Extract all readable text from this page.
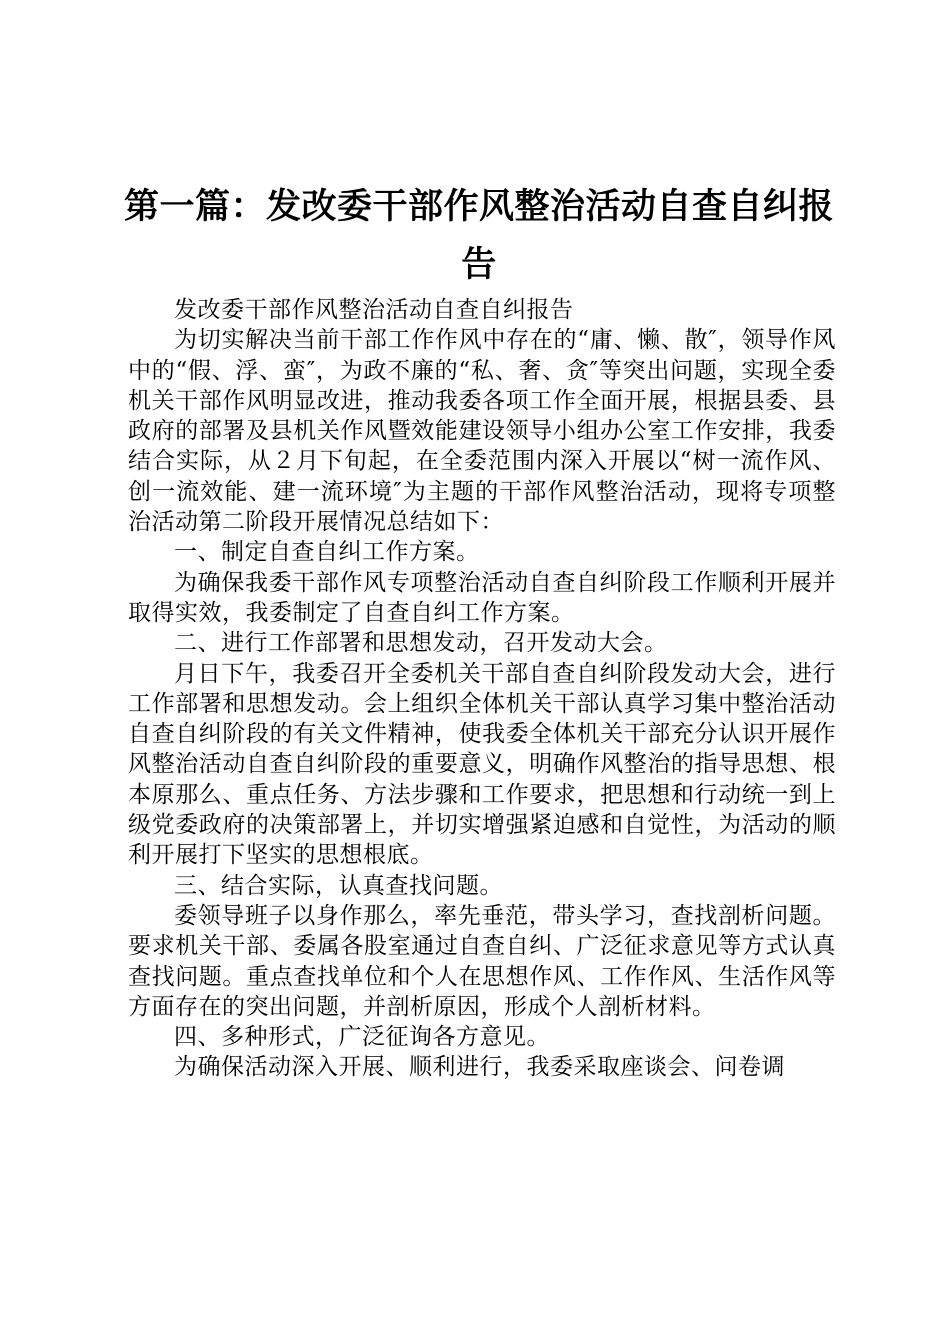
第一篇：发改委干部作风整治活动自查自纠报告

发改委干部作风整治活动自查自纠报告

为切实解决当前干部工作作风中存在的“庸、懒、散″，领导作风中的“假、浮、蛮″，为政不廉的“私、奢、贪″等突出问题，实现全委机关干部作风明显改进，推动我委各项工作全面开展，根据县委、县政府的部署及县机关作风暨效能建设领导小组办公室工作安排，我委结合实际，从２月下旬起，在全委范围内深入开展以“树一流作风、创一流效能、建一流环境″为主题的干部作风整治活动，现将专项整治活动第二阶段开展情况总结如下：

一、制定自查自纠工作方案。

为确保我委干部作风专项整治活动自查自纠阶段工作顺利开展并取得实效，我委制定了自查自纠工作方案。

二、进行工作部署和思想发动，召开发动大会。

月日下午，我委召开全委机关干部自查自纠阶段发动大会，进行工作部署和思想发动。会上组织全体机关干部认真学习集中整治活动自查自纠阶段的有关文件精神，使我委全体机关干部充分认识开展作风整治活动自查自纠阶段的重要意义，明确作风整治的指导思想、根本原那么、重点任务、方法步骤和工作要求，把思想和行动统一到上级党委政府的决策部署上，并切实增强紧迫感和自觉性，为活动的顺利开展打下坚实的思想根底。

三、结合实际，认真查找问题。

委领导班子以身作那么，率先垂范，带头学习，查找剖析问题。要求机关干部、委属各股室通过自查自纠、广泛征求意见等方式认真查找问题。重点查找单位和个人在思想作风、工作作风、生活作风等方面存在的突出问题，并剖析原因，形成个人剖析材料。

四、多种形式，广泛征询各方意见。

为确保活动深入开展、顺利进行，我委采取座谈会、问卷调
